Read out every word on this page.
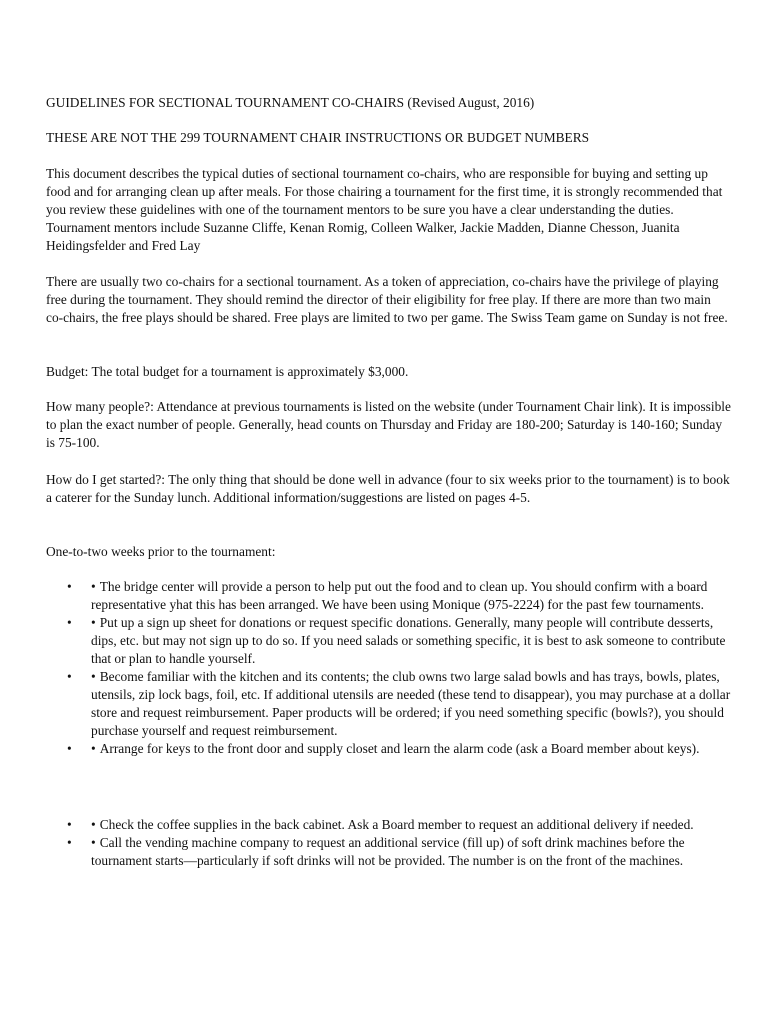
GUIDELINES FOR SECTIONAL TOURNAMENT CO-CHAIRS (Revised August, 2016)

THESE ARE NOT THE 299 TOURNAMENT CHAIR INSTRUCTIONS OR BUDGET NUMBERS

This document describes the typical duties of sectional tournament co-chairs, who are responsible for buying and setting up food and for arranging clean up after meals. For those chairing a tournament for the first time, it is strongly recommended that you review these guidelines with one of the tournament mentors to be sure you have a clear understanding the duties. Tournament mentors include Suzanne Cliffe, Kenan Romig, Colleen Walker, Jackie Madden, Dianne Chesson, Juanita Heidingsfelder and Fred Lay

There are usually two co-chairs for a sectional tournament. As a token of appreciation, co-chairs have the privilege of playing free during the tournament. They should remind the director of their eligibility for free play. If there are more than two main co-chairs, the free plays should be shared. Free plays are limited to two per game. The Swiss Team game on Sunday is not free.

Budget: The total budget for a tournament is approximately $3,000.

How many people?: Attendance at previous tournaments is listed on the website (under Tournament Chair link). It is impossible to plan the exact number of people. Generally, head counts on Thursday and Friday are 180-200; Saturday is 140-160; Sunday is 75-100.

How do I get started?: The only thing that should be done well in advance (four to six weeks prior to the tournament) is to book a caterer for the Sunday lunch. Additional information/suggestions are listed on pages 4-5.

One-to-two weeks prior to the tournament:

• • The bridge center will provide a person to help put out the food and to clean up. You should confirm with a board representative yhat this has been arranged. We have been using Monique (975-2224) for the past few tournaments.
• • Put up a sign up sheet for donations or request specific donations. Generally, many people will contribute desserts, dips, etc. but may not sign up to do so. If you need salads or something specific, it is best to ask someone to contribute that or plan to handle yourself.
• • Become familiar with the kitchen and its contents; the club owns two large salad bowls and has trays, bowls, plates, utensils, zip lock bags, foil, etc. If additional utensils are needed (these tend to disappear), you may purchase at a dollar store and request reimbursement. Paper products will be ordered; if you need something specific (bowls?), you should purchase yourself and request reimbursement.
• • Arrange for keys to the front door and supply closet and learn the alarm code (ask a Board member about keys).
• • Check the coffee supplies in the back cabinet. Ask a Board member to request an additional delivery if needed.
• • Call the vending machine company to request an additional service (fill up) of soft drink machines before the tournament starts—particularly if soft drinks will not be provided. The number is on the front of the machines.
